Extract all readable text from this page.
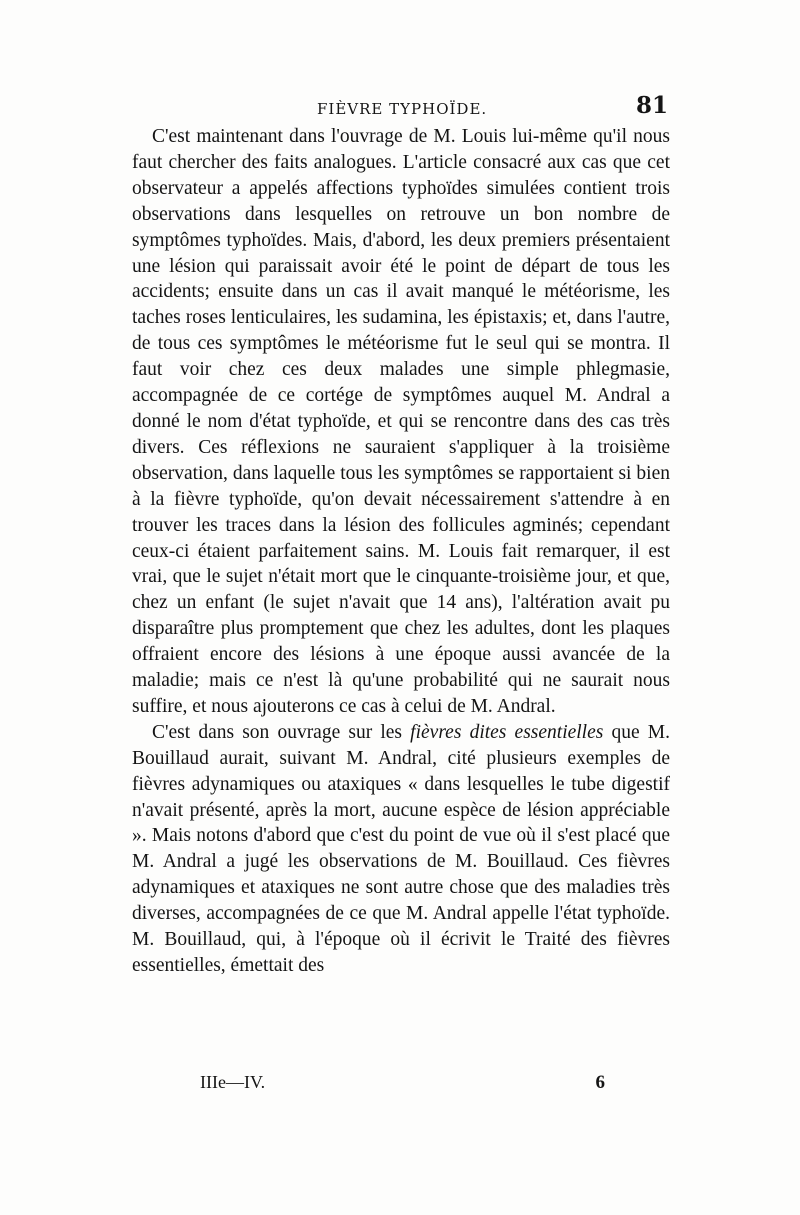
FIÈVRE TYPHOÏDE.	81

C'est maintenant dans l'ouvrage de M. Louis lui-même qu'il nous faut chercher des faits analogues. L'article consacré aux cas que cet observateur a appelés affections typhoïdes simulées contient trois observations dans lesquelles on retrouve un bon nombre de symptômes typhoïdes. Mais, d'abord, les deux premiers présentaient une lésion qui paraissait avoir été le point de départ de tous les accidents; ensuite dans un cas il avait manqué le météorisme, les taches roses lenticulaires, les sudamina, les épistaxis; et, dans l'autre, de tous ces symptômes le météorisme fut le seul qui se montra. Il faut voir chez ces deux malades une simple phlegmasie, accompagnée de ce cortége de symptômes auquel M. Andral a donné le nom d'état typhoïde, et qui se rencontre dans des cas très divers. Ces réflexions ne sauraient s'appliquer à la troisième observation, dans laquelle tous les symptômes se rapportaient si bien à la fièvre typhoïde, qu'on devait nécessairement s'attendre à en trouver les traces dans la lésion des follicules agminés; cependant ceux-ci étaient parfaitement sains. M. Louis fait remarquer, il est vrai, que le sujet n'était mort que le cinquante-troisième jour, et que, chez un enfant (le sujet n'avait que 14 ans), l'altération avait pu disparaître plus promptement que chez les adultes, dont les plaques offraient encore des lésions à une époque aussi avancée de la maladie; mais ce n'est là qu'une probabilité qui ne saurait nous suffire, et nous ajouterons ce cas à celui de M. Andral.

C'est dans son ouvrage sur les fièvres dites essentielles que M. Bouillaud aurait, suivant M. Andral, cité plusieurs exemples de fièvres adynamiques ou ataxiques « dans lesquelles le tube digestif n'avait présenté, après la mort, aucune espèce de lésion appréciable ». Mais notons d'abord que c'est du point de vue où il s'est placé que M. Andral a jugé les observations de M. Bouillaud. Ces fièvres adynamiques et ataxiques ne sont autre chose que des maladies très diverses, accompagnées de ce que M. Andral appelle l'état typhoïde. M. Bouillaud, qui, à l'époque où il écrivit le Traité des fièvres essentielles, émettait des

IIIe—IV.	6
